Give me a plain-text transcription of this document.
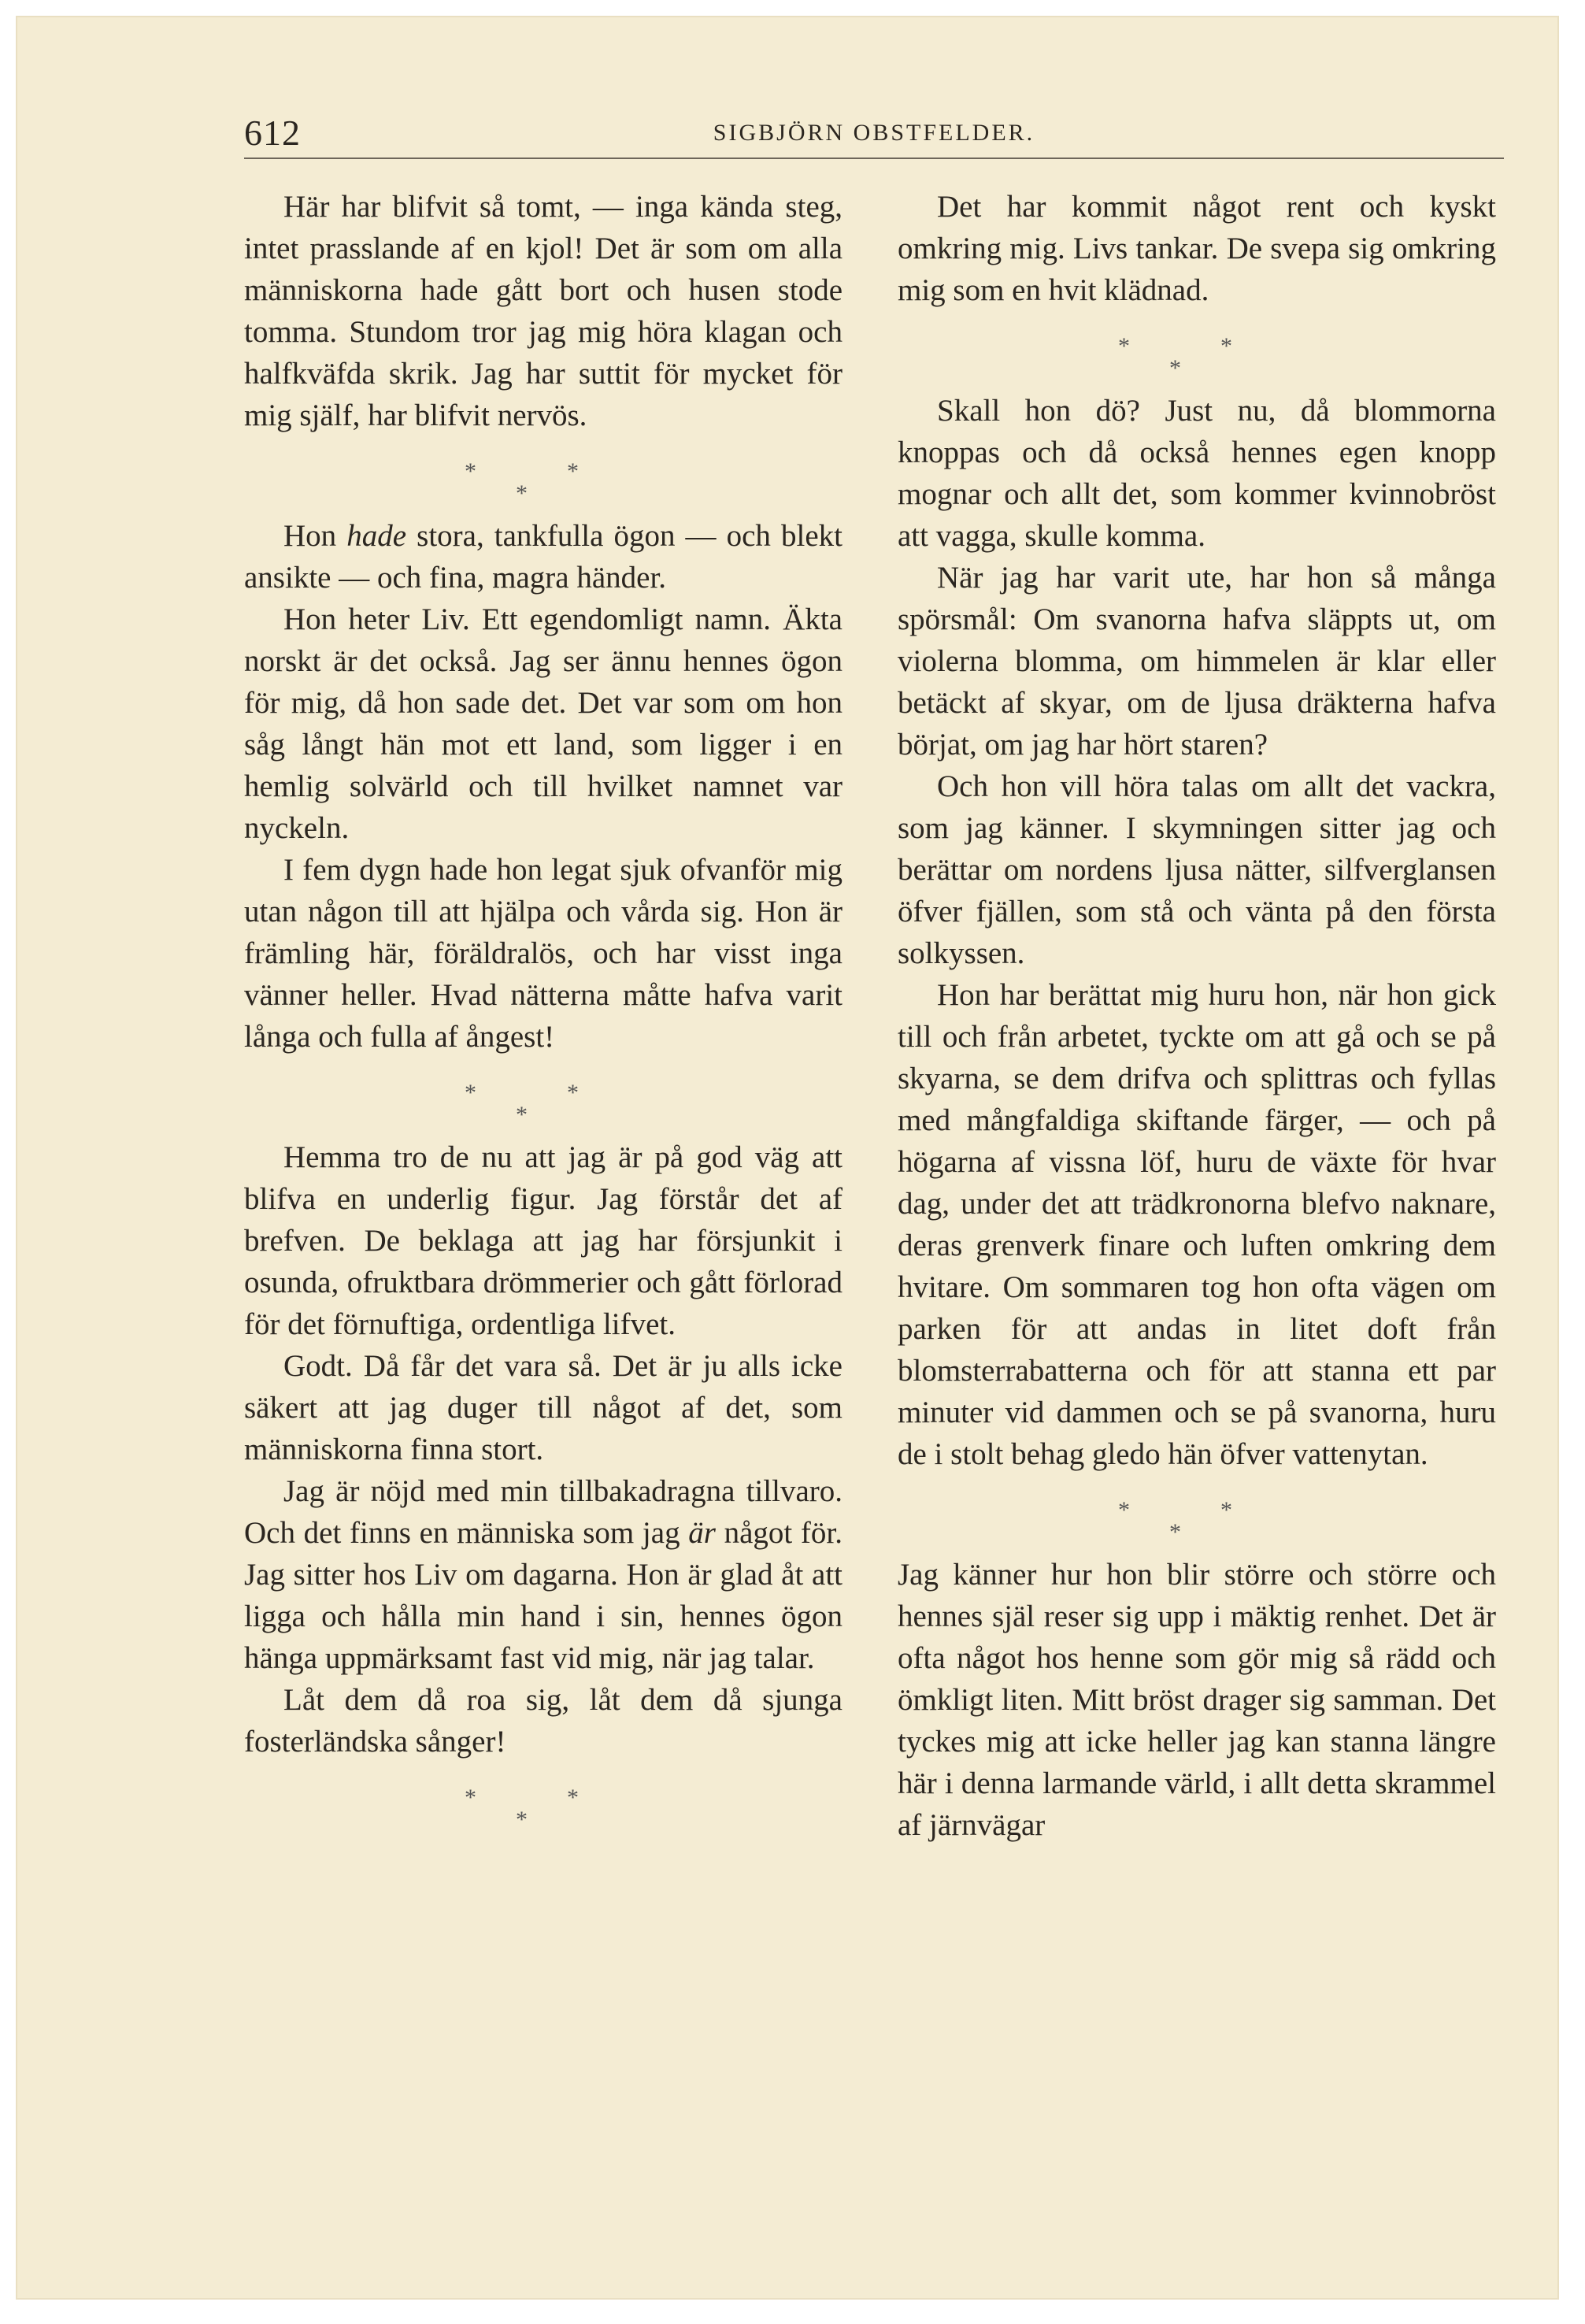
612	SIGBJÖRN OBSTFELDER.

Här har blifvit så tomt, — inga kända steg, intet prasslande af en kjol! Det är som om alla människorna hade gått bort och husen stode tomma. Stundom tror jag mig höra klagan och halfkväfda skrik. Jag har suttit för mycket för mig själf, har blifvit nervös.

*	*
*

Hon hade stora, tankfulla ögon — och blekt ansikte — och fina, magra händer.

Hon heter Liv. Ett egendomligt namn. Äkta norskt är det också. Jag ser ännu hennes ögon för mig, då hon sade det. Det var som om hon såg långt hän mot ett land, som ligger i en hemlig solvärld och till hvilket namnet var nyckeln.

I fem dygn hade hon legat sjuk ofvanför mig utan någon till att hjälpa och vårda sig. Hon är främling här, föräldralös, och har visst inga vänner heller. Hvad nätterna måtte hafva varit långa och fulla af ångest!

*	*
*

Hemma tro de nu att jag är på god väg att blifva en underlig figur. Jag förstår det af brefven. De beklaga att jag har försjunkit i osunda, ofruktbara drömmerier och gått förlorad för det förnuftiga, ordentliga lifvet.

Godt. Då får det vara så. Det är ju alls icke säkert att jag duger till något af det, som människorna finna stort.

Jag är nöjd med min tillbakadragna tillvaro. Och det finns en människa som jag är något för. Jag sitter hos Liv om dagarna. Hon är glad åt att ligga och hålla min hand i sin, hennes ögon hänga uppmärksamt fast vid mig, när jag talar.

Låt dem då roa sig, låt dem då sjunga fosterländska sånger!

*	*
*

Det har kommit något rent och kyskt omkring mig. Livs tankar. De svepa sig omkring mig som en hvit klädnad.

*	*
*

Skall hon dö? Just nu, då blommorna knoppas och då också hennes egen knopp mognar och allt det, som kommer kvinnobröst att vagga, skulle komma.

När jag har varit ute, har hon så många spörsmål: Om svanorna hafva släppts ut, om violerna blomma, om himmelen är klar eller betäckt af skyar, om de ljusa dräkterna hafva börjat, om jag har hört staren?

Och hon vill höra talas om allt det vackra, som jag känner. I skymningen sitter jag och berättar om nordens ljusa nätter, silfverglansen öfver fjällen, som stå och vänta på den första solkyssen.

Hon har berättat mig huru hon, när hon gick till och från arbetet, tyckte om att gå och se på skyarna, se dem drifva och splittras och fyllas med mångfaldiga skiftande färger, — och på högarna af vissna löf, huru de växte för hvar dag, under det att trädkronorna blefvo naknare, deras grenverk finare och luften omkring dem hvitare. Om sommaren tog hon ofta vägen om parken för att andas in litet doft från blomsterrabatterna och för att stanna ett par minuter vid dammen och se på svanorna, huru de i stolt behag gledo hän öfver vattenytan.

*	*
*

Jag känner hur hon blir större och större och hennes själ reser sig upp i mäktig renhet. Det är ofta något hos henne som gör mig så rädd och ömkligt liten. Mitt bröst drager sig samman. Det tyckes mig att icke heller jag kan stanna längre här i denna larmande värld, i allt detta skrammel af järnvägar
